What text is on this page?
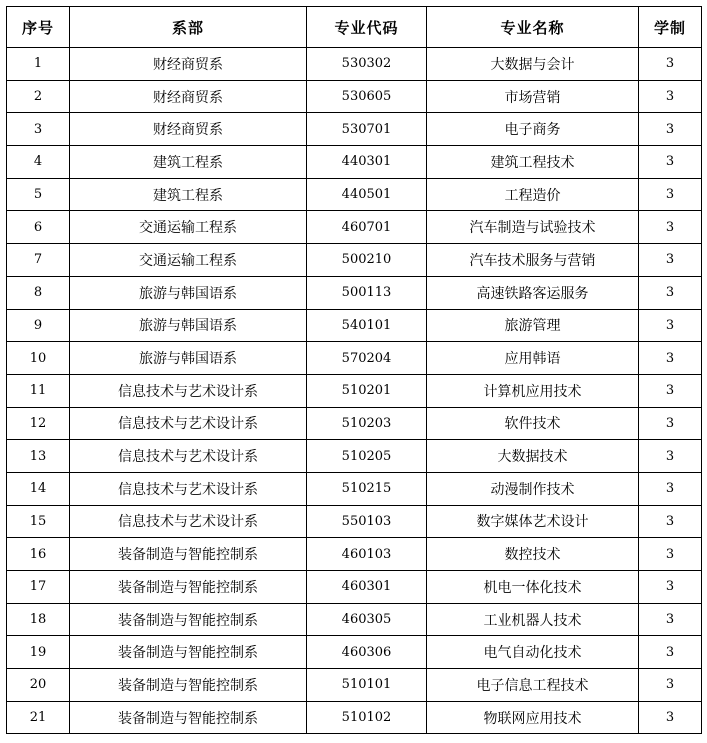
序号	系部	专业代码	专业名称	学制
1	财经商贸系	530302	大数据与会计	3
2	财经商贸系	530605	市场营销	3
3	财经商贸系	530701	电子商务	3
4	建筑工程系	440301	建筑工程技术	3
5	建筑工程系	440501	工程造价	3
6	交通运输工程系	460701	汽车制造与试验技术	3
7	交通运输工程系	500210	汽车技术服务与营销	3
8	旅游与韩国语系	500113	高速铁路客运服务	3
9	旅游与韩国语系	540101	旅游管理	3
10	旅游与韩国语系	570204	应用韩语	3
11	信息技术与艺术设计系	510201	计算机应用技术	3
12	信息技术与艺术设计系	510203	软件技术	3
13	信息技术与艺术设计系	510205	大数据技术	3
14	信息技术与艺术设计系	510215	动漫制作技术	3
15	信息技术与艺术设计系	550103	数字媒体艺术设计	3
16	装备制造与智能控制系	460103	数控技术	3
17	装备制造与智能控制系	460301	机电一体化技术	3
18	装备制造与智能控制系	460305	工业机器人技术	3
19	装备制造与智能控制系	460306	电气自动化技术	3
20	装备制造与智能控制系	510101	电子信息工程技术	3
21	装备制造与智能控制系	510102	物联网应用技术	3
